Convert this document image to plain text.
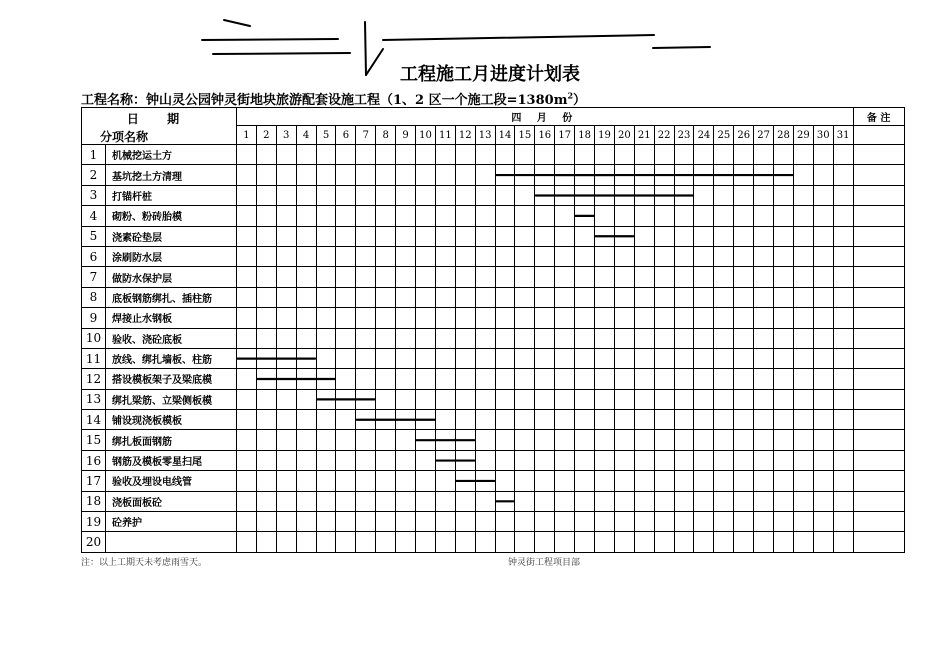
工程施工月进度计划表
工程名称：钟山灵公园钟灵街地块旅游配套设施工程（1、2 区一个施工段$=1380m^2$）
日 期
分项名称		四 月 份																															备 注
		1	2	3	4	5	6	7	8	9	10	11	12	13	14	15	16	17	18	19	20	21	22	23	24	25	26	27	28	29	30	31	
1	机械挖运土方																																
2	基坑挖土方清理																																
3	打锚杆桩																																
4	砌粉、粉砖胎模																																
5	浇素砼垫层																																
6	涂刷防水层																																
7	做防水保护层																																
8	底板钢筋绑扎、插柱筋																																
9	焊接止水钢板																																
10	验收、浇砼底板																																
11	放线、绑扎墙板、柱筋																																
12	搭设模板架子及梁底模																																
13	绑扎梁筋、立梁侧板模																																
14	铺设现浇板模板																																
15	绑扎板面钢筋																																
16	钢筋及模板零星扫尾																																
17	验收及埋设电线管																																
18	浇板面板砼																																
19	砼养护																																
20																																	
注：以上工期天未考虑雨雪天。	钟灵街工程项目部
